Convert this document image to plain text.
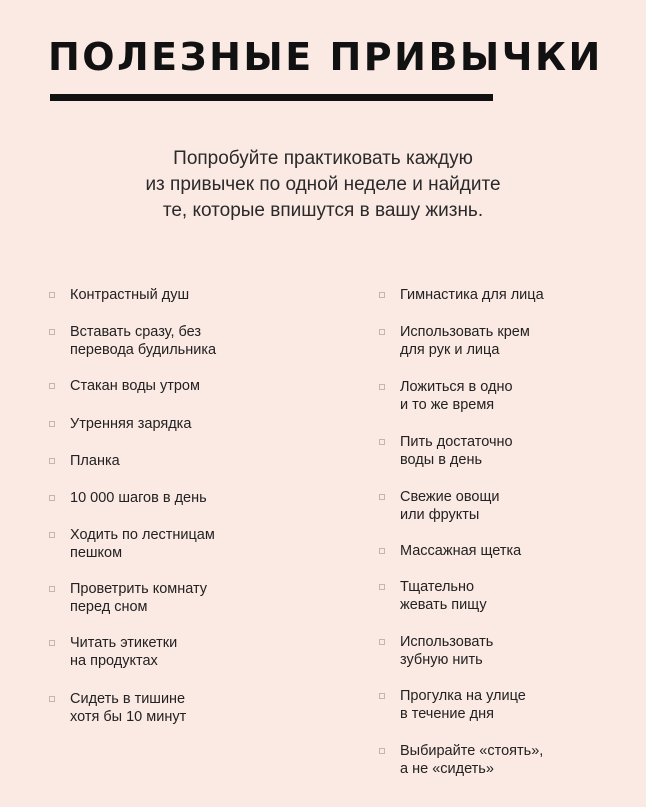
ПОЛЕЗНЫЕ ПРИВЫЧКИ

Попробуйте практиковать каждую
из привычек по одной неделе и найдите
те, которые впишутся в вашу жизнь.

Контрастный душ
Вставать сразу, без
перевода будильника
Стакан воды утром
Утренняя зарядка
Планка
10 000 шагов в день
Ходить по лестницам
пешком
Проветрить комнату
перед сном
Читать этикетки
на продуктах
Сидеть в тишине
хотя бы 10 минут
Гимнастика для лица
Использовать крем
для рук и лица
Ложиться в одно
и то же время
Пить достаточно
воды в день
Свежие овощи
или фрукты
Массажная щетка
Тщательно
жевать пищу
Использовать
зубную нить
Прогулка на улице
в течение дня
Выбирайте «стоять»,
а не «сидеть»
